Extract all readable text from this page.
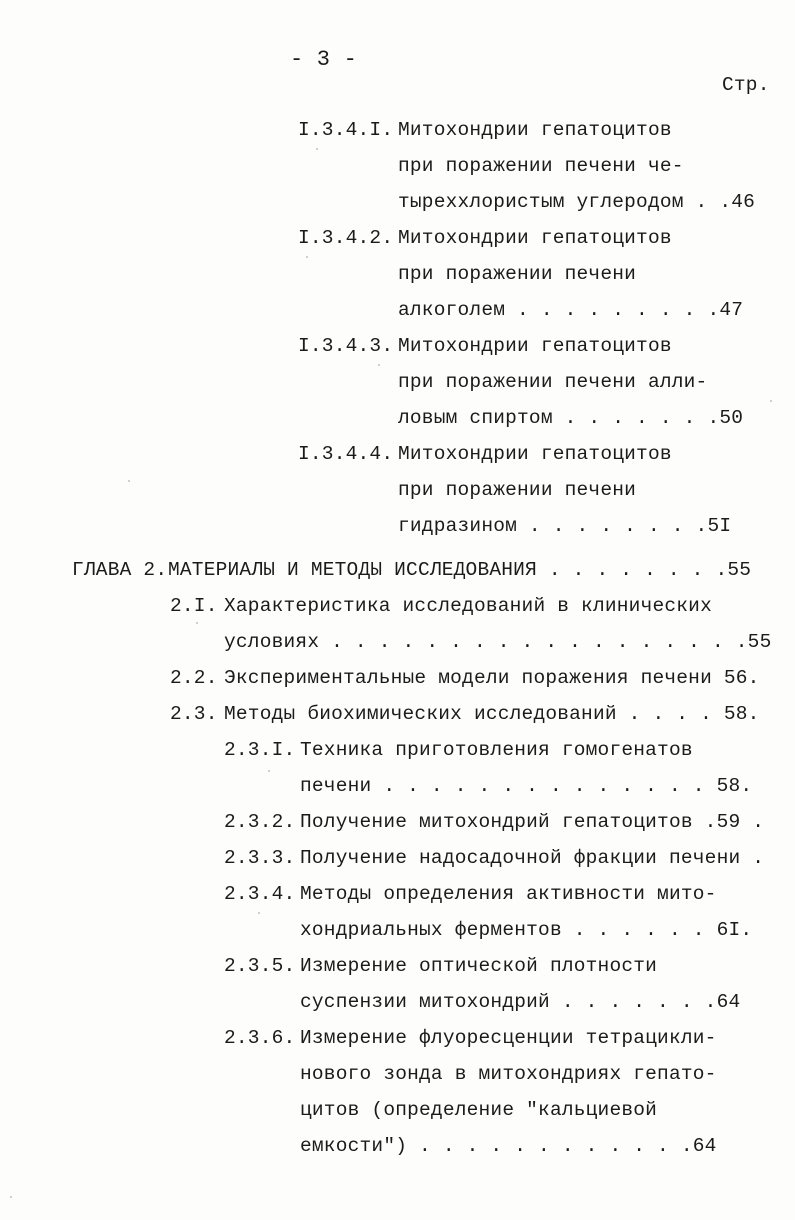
- 3 -
Стр.
I.3.4.I. Митохондрии гепатоцитов
при поражении печени че-
тырехxлористым углеродом . .46
I.3.4.2. Митохондрии гепатоцитов
при поражении печени
алкоголем . . . . . . . . .47
I.3.4.3. Митохондрии гепатоцитов
при поражении печени алли-
ловым спиртом . . . . . . .50
I.3.4.4. Митохондрии гепатоцитов
при поражении печени
гидразином . . . . . . . .5I
ГЛАВА 2. МАТЕРИАЛЫ И МЕТОДЫ ИССЛЕДОВАНИЯ . . . . . . . .55
2.I. Характеристика исследований в клинических
условиях . . . . . . . . . . . . . . . . . .55
2.2. Экспериментальные модели поражения печени 56.
2.3. Методы биохимических исследований . . . . 58.
2.3.I. Техника приготовления гомогенатов
печени . . . . . . . . . . . . . . 58.
2.3.2. Получение митохондрий гепатоцитов .59 .
2.3.3. Получение надосадочной фракции печени .
2.3.4. Методы определения активности мито-
хондриальных ферментов . . . . . . 6I.
2.3.5. Измерение оптической плотности
суспензии митохондрий . . . . . . .64
2.3.6. Измерение флуоресценции тетрацикли-
нового зонда в митохондриях гепато-
цитов (определение "кальциевой
емкости") . . . . . . . . . . . .64
